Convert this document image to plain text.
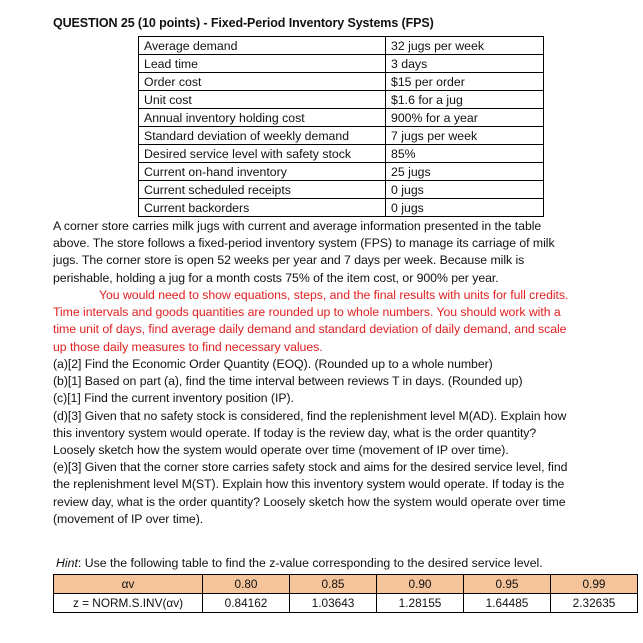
QUESTION 25 (10 points) - Fixed-Period Inventory Systems (FPS)
Average demand	32 jugs per week
Lead time	3 days
Order cost	$15 per order
Unit cost	$1.6 for a jug
Annual inventory holding cost	900% for a year
Standard deviation of weekly demand	7 jugs per week
Desired service level with safety stock	85%
Current on-hand inventory	25 jugs
Current scheduled receipts	0 jugs
Current backorders	0 jugs
A corner store carries milk jugs with current and average information presented in the table
above. The store follows a fixed-period inventory system (FPS) to manage its carriage of milk
jugs. The corner store is open 52 weeks per year and 7 days per week. Because milk is
perishable, holding a jug for a month costs 75% of the item cost, or 900% per year.
You would need to show equations, steps, and the final results with units for full credits.
Time intervals and goods quantities are rounded up to whole numbers. You should work with a
time unit of days, find average daily demand and standard deviation of daily demand, and scale
up those daily measures to find necessary values.
(a)[2] Find the Economic Order Quantity (EOQ). (Rounded up to a whole number)
(b)[1] Based on part (a), find the time interval between reviews T in days. (Rounded up)
(c)[1] Find the current inventory position (IP).
(d)[3] Given that no safety stock is considered, find the replenishment level M(AD). Explain how
this inventory system would operate. If today is the review day, what is the order quantity?
Loosely sketch how the system would operate over time (movement of IP over time).
(e)[3] Given that the corner store carries safety stock and aims for the desired service level, find
the replenishment level M(ST). Explain how this inventory system would operate. If today is the
review day, what is the order quantity? Loosely sketch how the system would operate over time
(movement of IP over time).
Hint: Use the following table to find the z-value corresponding to the desired service level.
αv	0.80	0.85	0.90	0.95	0.99
z = NORM.S.INV(αv)	0.84162	1.03643	1.28155	1.64485	2.32635
